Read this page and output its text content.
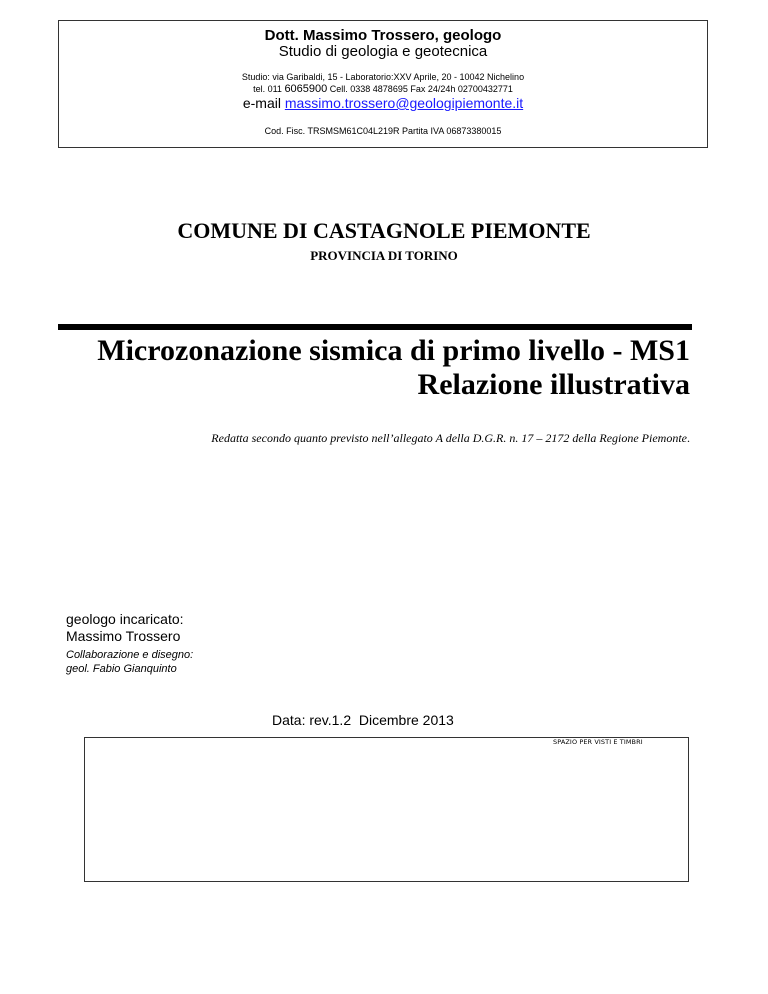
Dott. Massimo Trossero, geologo
Studio di geologia e geotecnica
Studio: via Garibaldi, 15 - Laboratorio:XXV Aprile, 20 - 10042 Nichelino
tel. 011 6065900 Cell. 0338 4878695 Fax 24/24h 02700432771
e-mail massimo.trossero@geologipiemonte.it
Cod. Fisc. TRSMSM61C04L219R Partita IVA 06873380015
COMUNE DI CASTAGNOLE PIEMONTE
PROVINCIA DI TORINO
Microzonazione sismica di primo livello - MS1
Relazione illustrativa
Redatta secondo quanto previsto nell’allegato A della D.G.R. n. 17 – 2172 della Regione Piemonte.
geologo incaricato:
Massimo Trossero
Collaborazione e disegno:
geol. Fabio Gianquinto
Data: rev.1.2  Dicembre 2013
SPAZIO PER VISTI E TIMBRI
